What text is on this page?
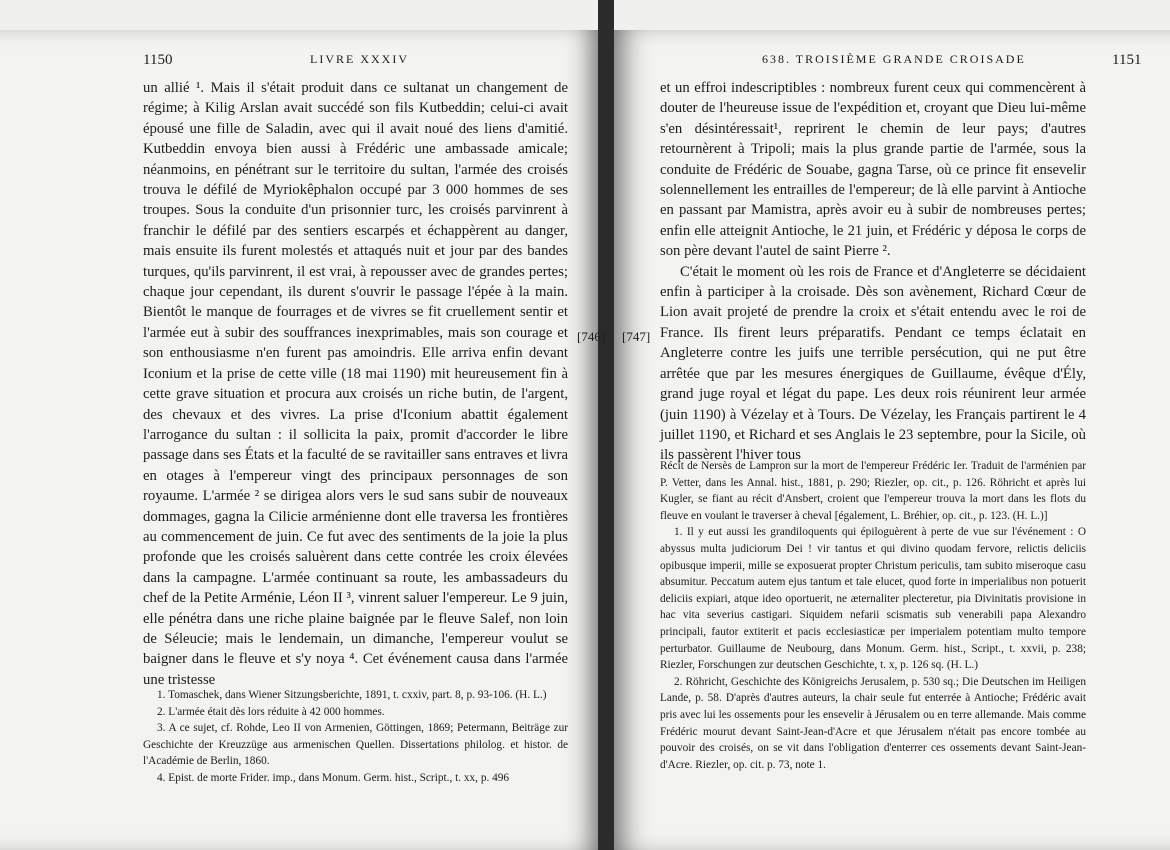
1150	LIVRE XXXIV	638. TROISIÈME GRANDE CROISADE	1151

un allié ¹. Mais il s'était produit dans ce sultanat un changement de régime; à Kilig Arslan avait succédé son fils Kutbeddin; celui-ci avait épousé une fille de Saladin, avec qui il avait noué des liens d'amitié. Kutbeddin envoya bien aussi à Frédéric une ambassade amicale; néanmoins, en pénétrant sur le territoire du sultan, l'armée des croisés trouva le défilé de Myriokêphalon occupé par 3 000 hommes de ses troupes. Sous la conduite d'un prisonnier turc, les croisés parvinrent à franchir le défilé par des sentiers escarpés et échappèrent au danger, mais ensuite ils furent molestés et attaqués nuit et jour par des bandes turques, qu'ils parvinrent, il est vrai, à repousser avec de grandes pertes; chaque jour cependant, ils durent s'ouvrir le passage l'épée à la main. Bientôt le manque de fourrages et de vivres se fit cruellement sentir et l'armée eut à subir des souffrances inexprimables, mais son courage et son enthousiasme n'en furent pas amoindris. Elle arriva enfin devant Iconium et la prise de cette ville (18 mai 1190) mit heureusement fin à cette grave situation et procura aux croisés un riche butin, de l'argent, des chevaux et des vivres. La prise d'Iconium abattit également l'arrogance du sultan : il sollicita la paix, promit d'accorder le libre passage dans ses États et la faculté de se ravitailler sans entraves et livra en otages à l'empereur vingt des principaux personnages de son royaume. L'armée ² se dirigea alors vers le sud sans subir de nouveaux dommages, gagna la Cilicie arménienne dont elle traversa les frontières au commencement de juin. Ce fut avec des sentiments de la joie la plus profonde que les croisés saluèrent dans cette contrée les croix élevées dans la campagne. L'armée continuant sa route, les ambassadeurs du chef de la Petite Arménie, Léon II ³, vinrent saluer l'empereur. Le 9 juin, elle pénétra dans une riche plaine baignée par le fleuve Salef, non loin de Séleucie; mais le lendemain, un dimanche, l'empereur voulut se baigner dans le fleuve et s'y noya ⁴. Cet événement causa dans l'armée une tristesse

[746] [747]

1. Tomaschek, dans Wiener Sitzungsberichte, 1891, t. cxxiv, part. 8, p. 93-106. (H. L.)

2. L'armée était dès lors réduite à 42 000 hommes.

3. A ce sujet, cf. Rohde, Leo II von Armenien, Göttingen, 1869; Petermann, Beiträge zur Geschichte der Kreuzzüge aus armenischen Quellen. Dissertations philolog. et histor. de l'Académie de Berlin, 1860.

4. Epist. de morte Frider. imp., dans Monum. Germ. hist., Script., t. xx, p. 496

et un effroi indescriptibles : nombreux furent ceux qui commencèrent à douter de l'heureuse issue de l'expédition et, croyant que Dieu lui-même s'en désintéressait¹, reprirent le chemin de leur pays; d'autres retournèrent à Tripoli; mais la plus grande partie de l'armée, sous la conduite de Frédéric de Souabe, gagna Tarse, où ce prince fit ensevelir solennellement les entrailles de l'empereur; de là elle parvint à Antioche en passant par Mamistra, après avoir eu à subir de nombreuses pertes; enfin elle atteignit Antioche, le 21 juin, et Frédéric y déposa le corps de son père devant l'autel de saint Pierre ².

C'était le moment où les rois de France et d'Angleterre se décidaient enfin à participer à la croisade. Dès son avènement, Richard Cœur de Lion avait projeté de prendre la croix et s'était entendu avec le roi de France. Ils firent leurs préparatifs. Pendant ce temps éclatait en Angleterre contre les juifs une terrible persécution, qui ne put être arrêtée que par les mesures énergiques de Guillaume, évêque d'Ély, grand juge royal et légat du pape. Les deux rois réunirent leur armée (juin 1190) à Vézelay et à Tours. De Vézelay, les Français partirent le 4 juillet 1190, et Richard et ses Anglais le 23 septembre, pour la Sicile, où ils passèrent l'hiver tous

Récit de Nersès de Lampron sur la mort de l'empereur Frédéric Ier. Traduit de l'arménien par P. Vetter, dans les Annal. hist., 1881, p. 290; Riezler, op. cit., p. 126. Röhricht et après lui Kugler, se fiant au récit d'Ansbert, croient que l'empereur trouva la mort dans les flots du fleuve en voulant le traverser à cheval [également, L. Bréhier, op. cit., p. 123. (H. L.)]

1. Il y eut aussi les grandiloquents qui épiloguèrent à perte de vue sur l'événement : O abyssus multa judiciorum Dei ! vir tantus et qui divino quodam fervore, relictis deliciis opibusque imperii, mille se exposuerat propter Christum periculis, tam subito miseroque casu absumitur. Peccatum autem ejus tantum et tale elucet, quod forte in imperialibus non potuerit deliciis expiari, atque ideo oportuerit, ne æternaliter plecteretur, pia Divinitatis provisione in hac vita severius castigari. Siquidem nefarii scismatis sub venerabili papa Alexandro principali, fautor extiterit et pacis ecclesiasticæ per imperialem potentiam multo tempore perturbator. Guillaume de Neubourg, dans Monum. Germ. hist., Script., t. xxvii, p. 238; Riezler, Forschungen zur deutschen Geschichte, t. x, p. 126 sq. (H. L.)

2. Röhricht, Geschichte des Königreichs Jerusalem, p. 530 sq.; Die Deutschen im Heiligen Lande, p. 58. D'après d'autres auteurs, la chair seule fut enterrée à Antioche; Frédéric avait pris avec lui les ossements pour les ensevelir à Jérusalem ou en terre allemande. Mais comme Frédéric mourut devant Saint-Jean-d'Acre et que Jérusalem n'était pas encore tombée au pouvoir des croisés, on se vit dans l'obligation d'enterrer ces ossements devant Saint-Jean-d'Acre. Riezler, op. cit. p. 73, note 1.
